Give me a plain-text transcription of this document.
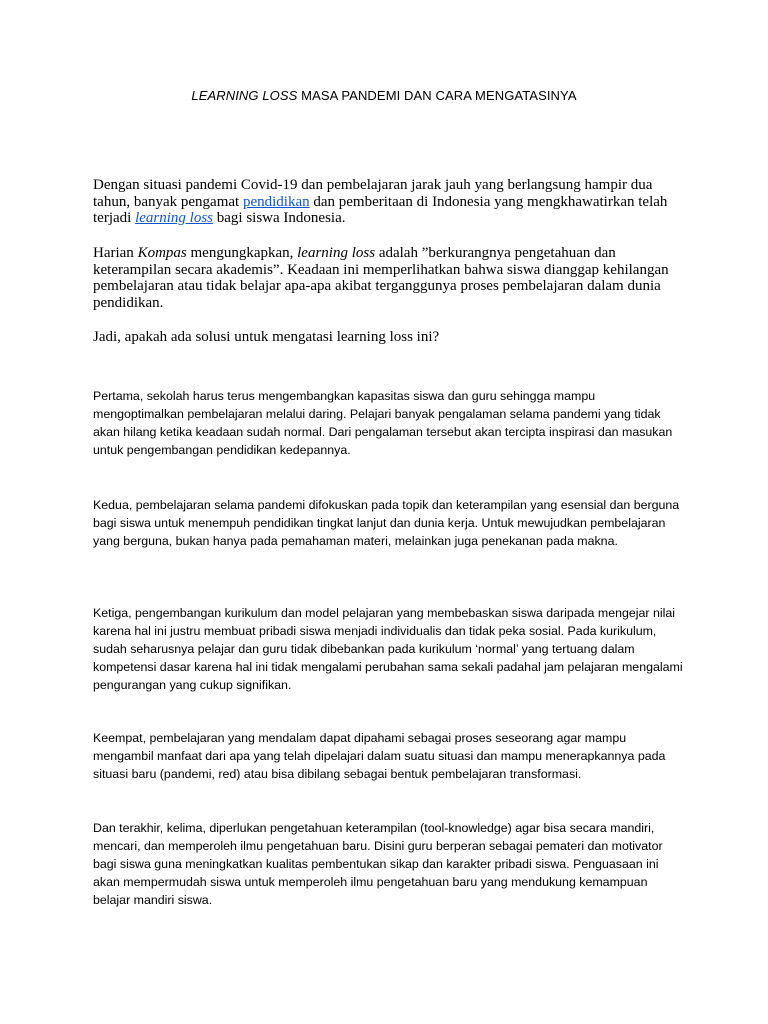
LEARNING LOSS MASA PANDEMI DAN CARA MENGATASINYA
Dengan situasi pandemi Covid-19 dan pembelajaran jarak jauh yang berlangsung hampir dua tahun, banyak pengamat pendidikan dan pemberitaan di Indonesia yang mengkhawatirkan telah terjadi learning loss bagi siswa Indonesia.
Harian Kompas mengungkapkan, learning loss adalah ”berkurangnya pengetahuan dan keterampilan secara akademis”. Keadaan ini memperlihatkan bahwa siswa dianggap kehilangan pembelajaran atau tidak belajar apa-apa akibat terganggunya proses pembelajaran dalam dunia pendidikan.
Jadi, apakah ada solusi untuk mengatasi learning loss ini?
Pertama, sekolah harus terus mengembangkan kapasitas siswa dan guru sehingga mampu mengoptimalkan pembelajaran melalui daring. Pelajari banyak pengalaman selama pandemi yang tidak akan hilang ketika keadaan sudah normal. Dari pengalaman tersebut akan tercipta inspirasi dan masukan untuk pengembangan pendidikan kedepannya.
Kedua, pembelajaran selama pandemi difokuskan pada topik dan keterampilan yang esensial dan berguna bagi siswa untuk menempuh pendidikan tingkat lanjut dan dunia kerja. Untuk mewujudkan pembelajaran yang berguna, bukan hanya pada pemahaman materi, melainkan juga penekanan pada makna.
Ketiga, pengembangan kurikulum dan model pelajaran yang membebaskan siswa daripada mengejar nilai karena hal ini justru membuat pribadi siswa menjadi individualis dan tidak peka sosial. Pada kurikulum, sudah seharusnya pelajar dan guru tidak dibebankan pada kurikulum ‘normal’ yang tertuang dalam kompetensi dasar karena hal ini tidak mengalami perubahan sama sekali padahal jam pelajaran mengalami pengurangan yang cukup signifikan.
Keempat, pembelajaran yang mendalam dapat dipahami sebagai proses seseorang agar mampu mengambil manfaat dari apa yang telah dipelajari dalam suatu situasi dan mampu menerapkannya pada situasi baru (pandemi, red) atau bisa dibilang sebagai bentuk pembelajaran transformasi.
Dan terakhir, kelima, diperlukan pengetahuan keterampilan (tool-knowledge) agar bisa secara mandiri, mencari, dan memperoleh ilmu pengetahuan baru. Disini guru berperan sebagai pemateri dan motivator bagi siswa guna meningkatkan kualitas pembentukan sikap dan karakter pribadi siswa. Penguasaan ini akan mempermudah siswa untuk memperoleh ilmu pengetahuan baru yang mendukung kemampuan belajar mandiri siswa.
